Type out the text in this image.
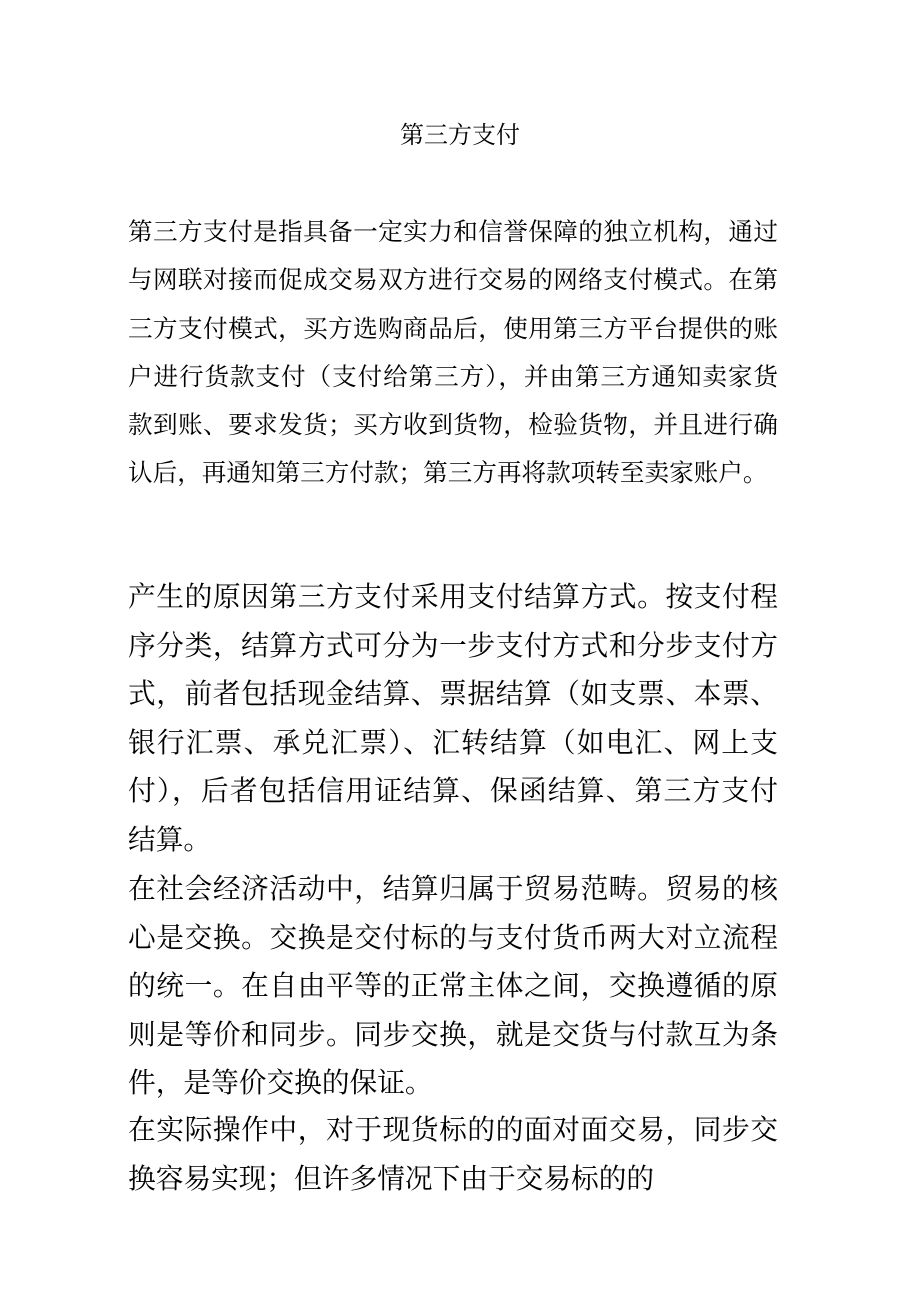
第三方支付

第三方支付是指具备一定实力和信誉保障的独立机构，通过与网联对接而促成交易双方进行交易的网络支付模式。在第三方支付模式，买方选购商品后，使用第三方平台提供的账户进行货款支付（支付给第三方），并由第三方通知卖家货款到账、要求发货；买方收到货物，检验货物，并且进行确认后，再通知第三方付款；第三方再将款项转至卖家账户。

产生的原因第三方支付采用支付结算方式。按支付程序分类，结算方式可分为一步支付方式和分步支付方式，前者包括现金结算、票据结算（如支票、本票、银行汇票、承兑汇票）、汇转结算（如电汇、网上支付），后者包括信用证结算、保函结算、第三方支付结算。

在社会经济活动中，结算归属于贸易范畴。贸易的核心是交换。交换是交付标的与支付货币两大对立流程的统一。在自由平等的正常主体之间，交换遵循的原则是等价和同步。同步交换，就是交货与付款互为条件，是等价交换的保证。

在实际操作中，对于现货标的的面对面交易，同步交换容易实现；但许多情况下由于交易标的的
